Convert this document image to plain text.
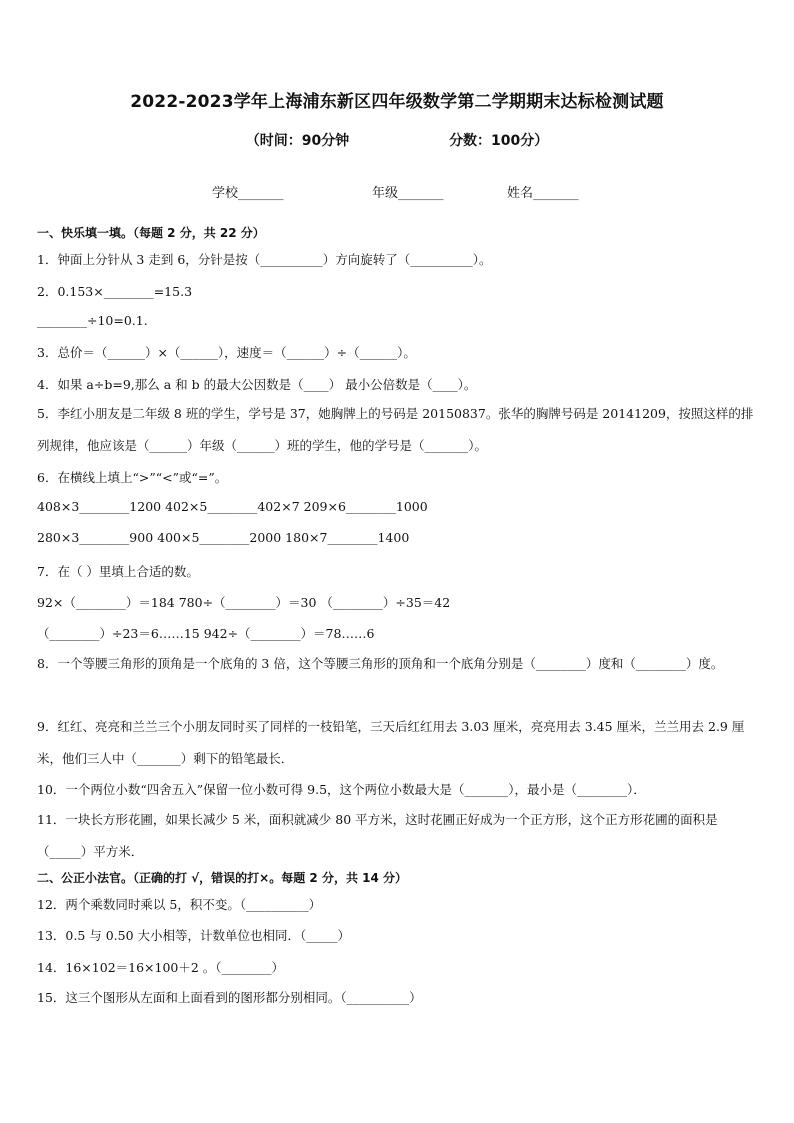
2022-2023学年上海浦东新区四年级数学第二学期期末达标检测试题
（时间：90分钟	分数：100分）
学校_______	年级_______	姓名_______
一、快乐填一填。（每题 2 分，共 22 分）
1．钟面上分针从 3 走到 6，分针是按（__________）方向旋转了（__________）。
2．0.153×________=15.3
________÷10=0.1.
3．总价＝（______）×（______），速度＝（______）÷（______）。
4．如果 a÷b=9,那么 a 和 b 的最大公因数是（____） 最小公倍数是（____）。
5．李红小朋友是二年级 8 班的学生，学号是 37，她胸牌上的号码是 20150837。张华的胸牌号码是 20141209，按照这样的排列规律，他应该是（______）年级（______）班的学生，他的学号是（_______）。
6．在横线上填上“>”“<”或“=”。
408×3________1200 402×5________402×7 209×6________1000
280×3________900 400×5________2000 180×7________1400
7．在（ ）里填上合适的数。
92×（________）＝184 780÷（________）＝30 （________）÷35＝42
（________）÷23＝6……15 942÷（________）＝78……6
8．一个等腰三角形的顶角是一个底角的 3 倍，这个等腰三角形的顶角和一个底角分别是（________）度和（________）度。
9．红红、亮亮和兰兰三个小朋友同时买了同样的一枝铅笔，三天后红红用去 3.03 厘米，亮亮用去 3.45 厘米，兰兰用去 2.9 厘米，他们三人中（_______）剩下的铅笔最长．
10．一个两位小数“四舍五入”保留一位小数可得 9.5，这个两位小数最大是（_______），最小是（________）．
11．一块长方形花圃，如果长减少 5 米，面积就减少 80 平方米，这时花圃正好成为一个正方形，这个正方形花圃的面积是（_____）平方米．
二、公正小法官。（正确的打 √，错误的打×。每题 2 分，共 14 分）
12．两个乘数同时乘以 5，积不变。（__________）
13．0.5 与 0.50 大小相等，计数单位也相同．（_____）
14．16×102＝16×100＋2 。（________）
15．这三个图形从左面和上面看到的图形都分别相同。（__________）
